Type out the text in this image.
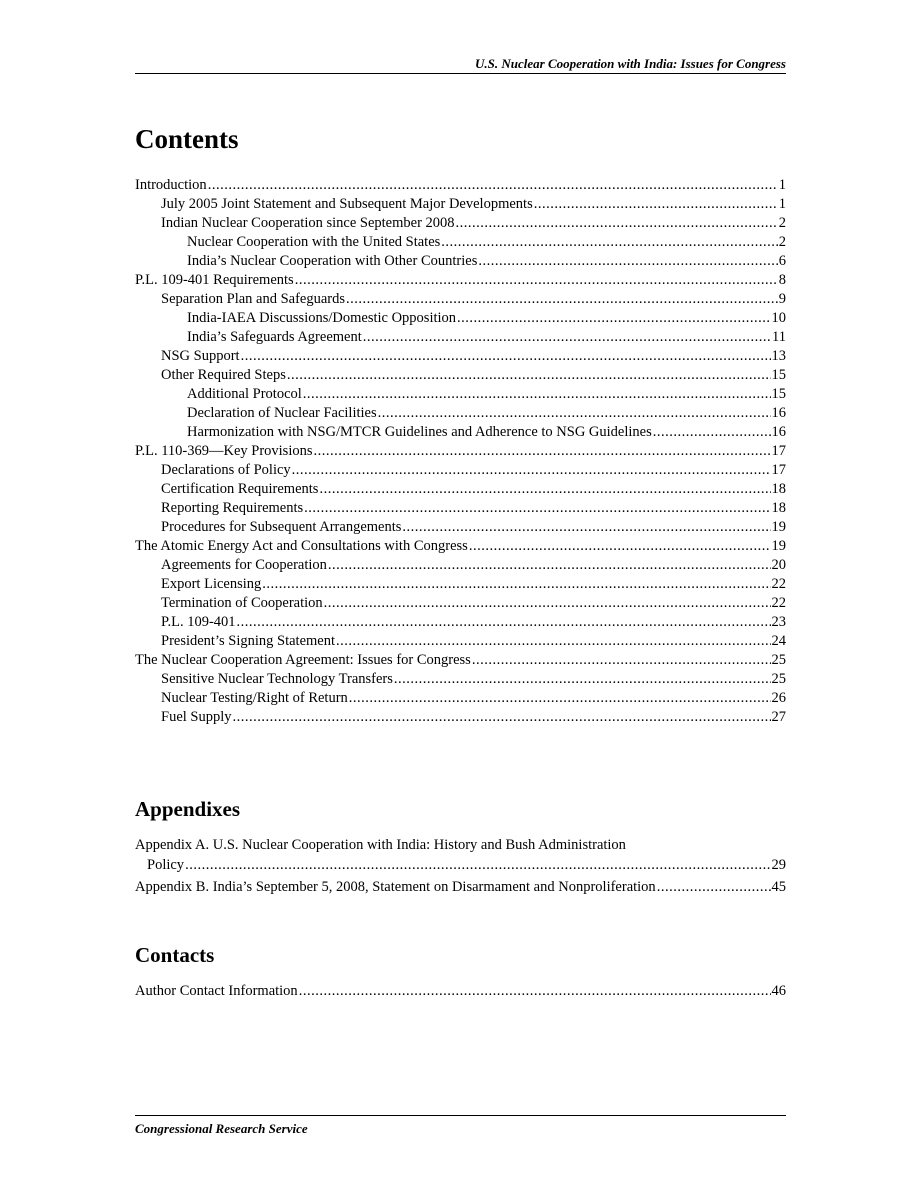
U.S. Nuclear Cooperation with India: Issues for Congress
Contents
Introduction .....	1
July 2005 Joint Statement and Subsequent Major Developments .....	1
Indian Nuclear Cooperation since September 2008 .....	2
Nuclear Cooperation with the United States .....	2
India’s Nuclear Cooperation with Other Countries .....	6
P.L. 109-401 Requirements .....	8
Separation Plan and Safeguards .....	9
India-IAEA Discussions/Domestic Opposition .....	10
India’s Safeguards Agreement .....	11
NSG Support .....	13
Other Required Steps .....	15
Additional Protocol .....	15
Declaration of Nuclear Facilities .....	16
Harmonization with NSG/MTCR Guidelines and Adherence to NSG Guidelines .....	16
P.L. 110-369—Key Provisions .....	17
Declarations of Policy .....	17
Certification Requirements .....	18
Reporting Requirements .....	18
Procedures for Subsequent Arrangements .....	19
The Atomic Energy Act and Consultations with Congress .....	19
Agreements for Cooperation .....	20
Export Licensing .....	22
Termination of Cooperation .....	22
P.L. 109-401 .....	23
President’s Signing Statement .....	24
The Nuclear Cooperation Agreement: Issues for Congress .....	25
Sensitive Nuclear Technology Transfers .....	25
Nuclear Testing/Right of Return .....	26
Fuel Supply .....	27
Appendixes
Appendix A. U.S. Nuclear Cooperation with India: History and Bush Administration
Policy .....	29
Appendix B. India’s September 5, 2008, Statement on Disarmament and Nonproliferation .....	45
Contacts
Author Contact Information .....	46
Congressional Research Service
